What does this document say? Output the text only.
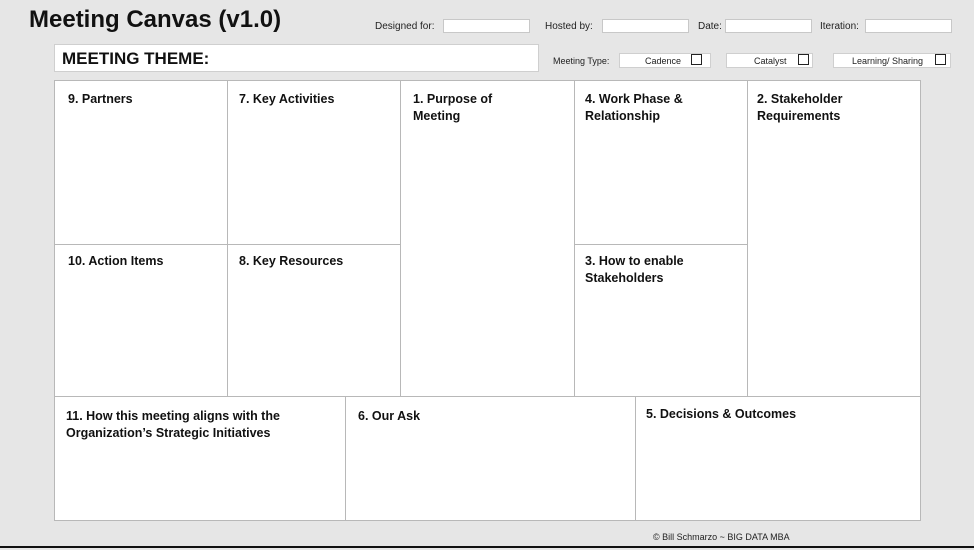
Meeting Canvas (v1.0)	Designed for:	Hosted by:	Date:	Iteration:
MEETING THEME:	Meeting Type:	Cadence	Catalyst	Learning/ Sharing
9. Partners	7. Key Activities	1. Purpose of
Meeting
4. Work Phase &
Relationship
2. Stakeholder
Requirements
10. Action Items	8. Key Resources	3. How to enable
Stakeholders
11. How this meeting aligns with the
Organization’s Strategic Initiatives
6. Our Ask	5. Decisions & Outcomes
© Bill Schmarzo ~ BIG DATA MBA
